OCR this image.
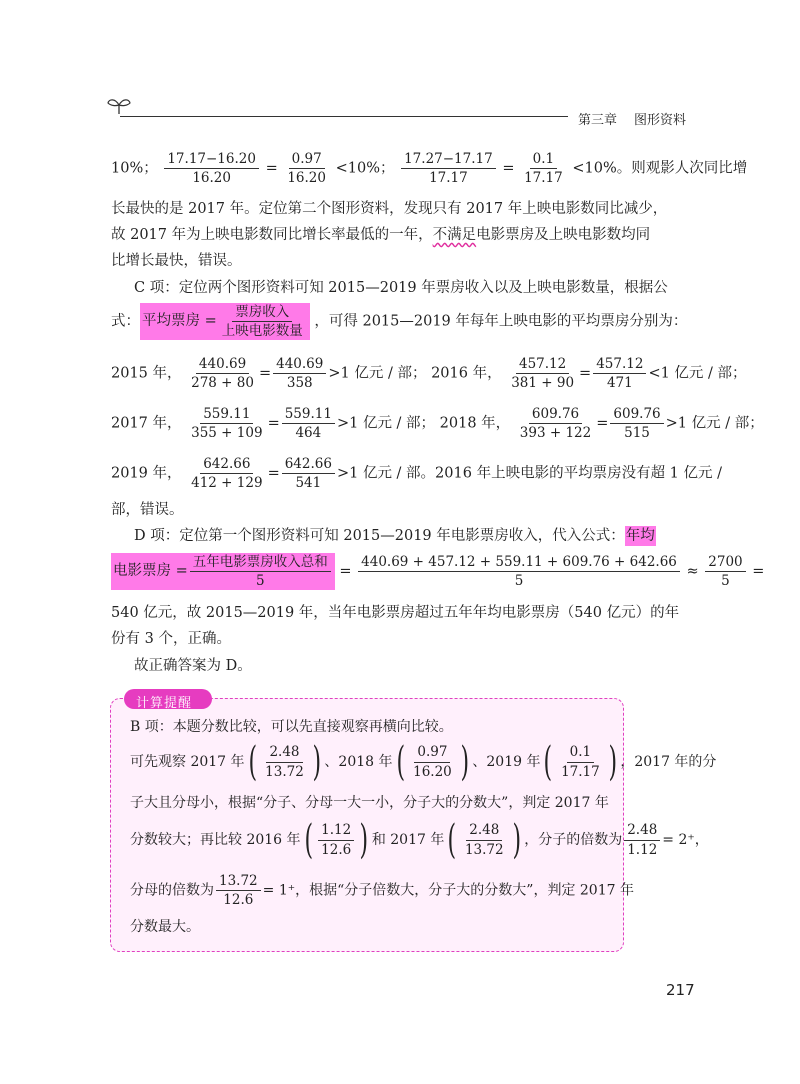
第三章 图形资料
10%； $\frac{17.17-16.20}{16.20} = \frac{0.97}{16.20} <10\%$； $\frac{17.27-17.17}{17.17} = \frac{0.1}{17.17} <10\%$。则观影人次同比增
长最快的是 2017 年。定位第二个图形资料，发现只有 2017 年上映电影数同比减少，
故 2017 年为上映电影数同比增长率最低的一年，不满足电影票房及上映电影数均同
比增长最快，错误。
C 项：定位两个图形资料可知 2015—2019 年票房收入以及上映电影数量，根据公
式： 平均票房 = $\frac{\text{票房收入}}{\text{上映电影数量}}$ ，可得 2015—2019 年每年上映电影的平均票房分别为：
2015 年， $\frac{440.69}{278 + 80} = \frac{440.69}{358} >1$ 亿元 / 部； 2016 年， $\frac{457.12}{381 + 90} = \frac{457.12}{471} <1$ 亿元 / 部；
2017 年， $\frac{559.11}{355 + 109} = \frac{559.11}{464} >1$ 亿元 / 部； 2018 年， $\frac{609.76}{393 + 122} = \frac{609.76}{515} >1$ 亿元 / 部；
2019 年， $\frac{642.66}{412 + 129} = \frac{642.66}{541} >1$ 亿元 / 部。2016 年上映电影的平均票房没有超 1 亿元 /
部，错误。
D 项：定位第一个图形资料可知 2015—2019 年电影票房收入，代入公式：年均
电影票房 = $\frac{\text{五年电影票房收入总和}}{5} = \frac{440.69 + 457.12 + 559.11 + 609.76 + 642.66}{5} \approx \frac{2700}{5}$ =
540 亿元，故 2015—2019 年，当年电影票房超过五年年均电影票房（540 亿元）的年
份有 3 个，正确。
故正确答案为 D。
计算提醒
B 项：本题分数比较，可以先直接观察再横向比较。
可先观察 2017 年 ( $\frac{2.48}{13.72}$ ) 、2018 年 ( $\frac{0.97}{16.20}$ ) 、2019 年 ( $\frac{0.1}{17.17}$ ) ，2017 年的分
子大且分母小，根据“分子、分母一大一小，分子大的分数大”，判定 2017 年
分数较大；再比较 2016 年 ( $\frac{1.12}{12.6}$ ) 和 2017 年 ( $\frac{2.48}{13.72}$ ) ，分子的倍数为 $\frac{2.48}{1.12} = 2^+$，
分母的倍数为 $\frac{13.72}{12.6} = 1^+$，根据“分子倍数大，分子大的分数大”，判定 2017 年
分数最大。
217
